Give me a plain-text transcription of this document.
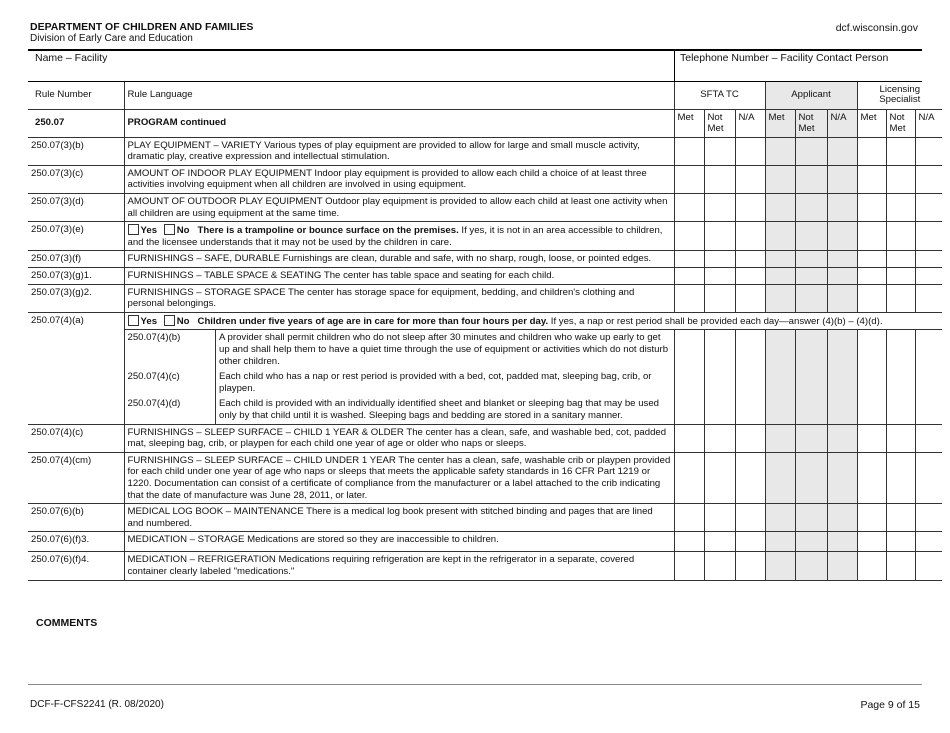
DEPARTMENT OF CHILDREN AND FAMILIES
Division of Early Care and Education
dcf.wisconsin.gov
Name – Facility	Telephone Number – Facility Contact Person
Rule Number	Rule Language	SFTA TC	Applicant	Licensing Specialist
250.07	PROGRAM continued	Met	Not Met	N/A	Met	Not Met	N/A	Met	Not Met	N/A
250.07(3)(b)	PLAY EQUIPMENT – VARIETY Various types of play equipment are provided to allow for large and small muscle activity, dramatic play, creative expression and intellectual stimulation.									
250.07(3)(c)	AMOUNT OF INDOOR PLAY EQUIPMENT Indoor play equipment is provided to allow each child a choice of at least three activities involving equipment when all children are involved in using equipment.									
250.07(3)(d)	AMOUNT OF OUTDOOR PLAY EQUIPMENT Outdoor play equipment is provided to allow each child at least one activity when all children are using equipment at the same time.									
250.07(3)(e)	Yes No There is a trampoline or bounce surface on the premises. If yes, it is not in an area accessible to children, and the licensee understands that it may not be used by the children in care.									
250.07(3)(f)	FURNISHINGS – SAFE, DURABLE Furnishings are clean, durable and safe, with no sharp, rough, loose, or pointed edges.									
250.07(3)(g)1.	FURNISHINGS – TABLE SPACE & SEATING The center has table space and seating for each child.									
250.07(3)(g)2.	FURNISHINGS – STORAGE SPACE The center has storage space for equipment, bedding, and children's clothing and personal belongings.									
250.07(4)(a)	Yes No Children under five years of age are in care for more than four hours per day. If yes, a nap or rest period shall be provided each day—answer (4)(b) – (4)(d).

250.07(4)(b)	A provider shall permit children who do not sleep after 30 minutes and children who wake up early to get up and shall help them to have a quiet time through the use of equipment or activities which do not disturb other children.									
250.07(4)(c)	Each child who has a nap or rest period is provided with a bed, cot, padded mat, sleeping bag, crib, or playpen.									
250.07(4)(d)	Each child is provided with an individually identified sheet and blanket or sleeping bag that may be used only by that child until it is washed. Sleeping bags and bedding are stored in a sanitary manner.									

250.07(4)(c)	FURNISHINGS – SLEEP SURFACE – CHILD 1 YEAR & OLDER The center has a clean, safe, and washable bed, cot, padded mat, sleeping bag, crib, or playpen for each child one year of age or older who naps or sleeps.									
250.07(4)(cm)	FURNISHINGS – SLEEP SURFACE – CHILD UNDER 1 YEAR The center has a clean, safe, washable crib or playpen provided for each child under one year of age who naps or sleeps that meets the applicable safety standards in 16 CFR Part 1219 or 1220. Documentation can consist of a certificate of compliance from the manufacturer or a label attached to the crib indicating that the date of manufacture was June 28, 2011, or later.									
250.07(6)(b)	MEDICAL LOG BOOK – MAINTENANCE There is a medical log book present with stitched binding and pages that are lined and numbered.									
250.07(6)(f)3.	MEDICATION – STORAGE Medications are stored so they are inaccessible to children.									
250.07(6)(f)4.	MEDICATION – REFRIGERATION Medications requiring refrigeration are kept in the refrigerator in a separate, covered container clearly labeled "medications."									
COMMENTS
DCF-F-CFS2241 (R. 08/2020)	Page 9 of 15
